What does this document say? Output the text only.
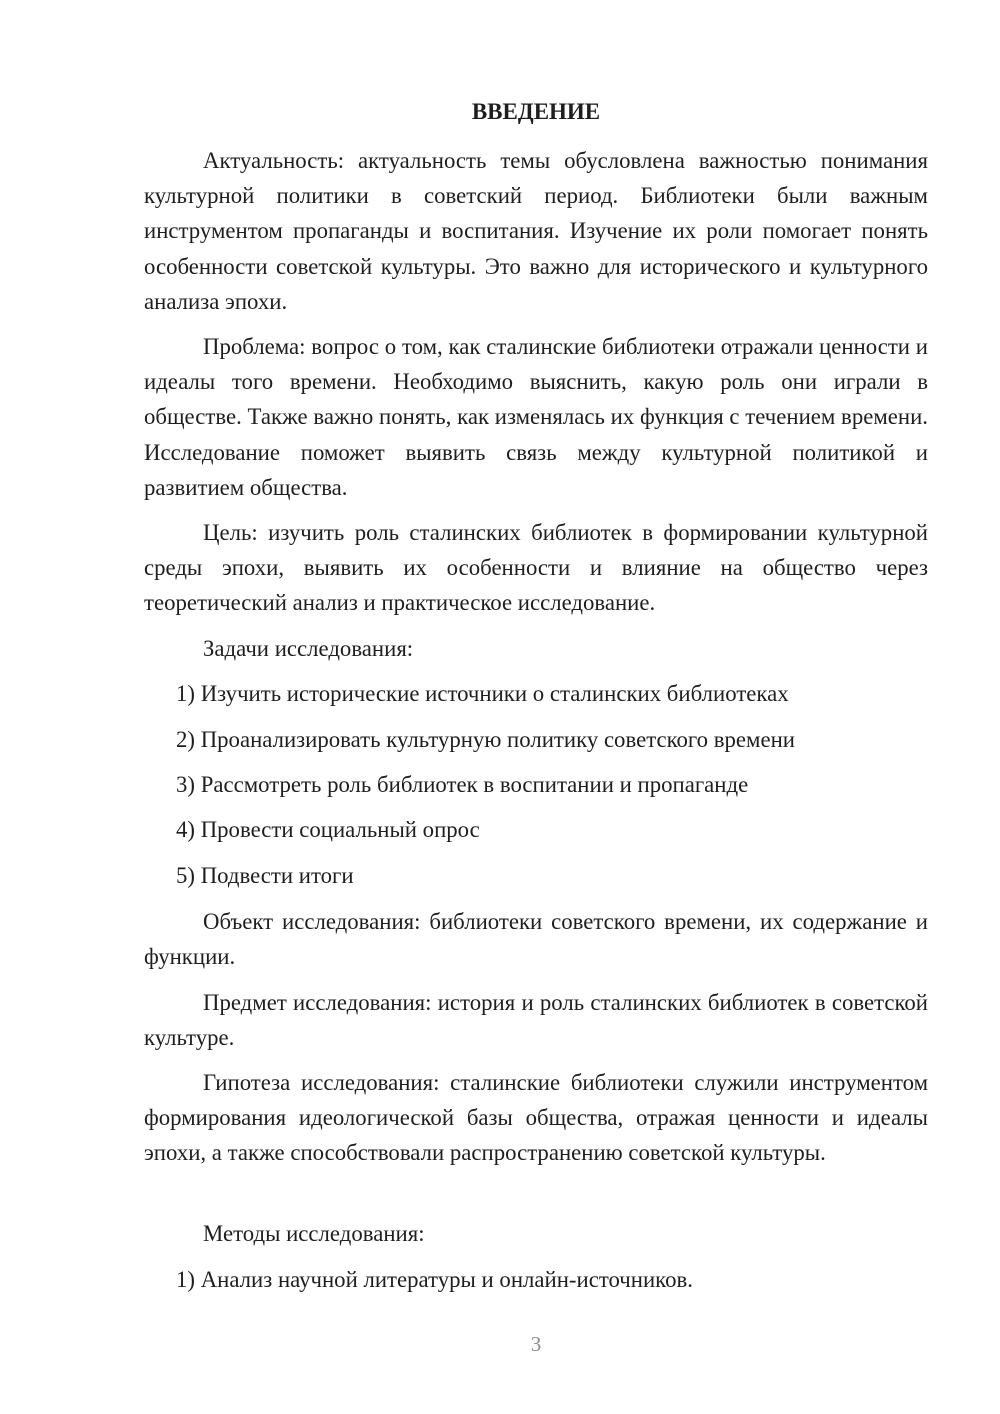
ВВЕДЕНИЕ

Актуальность: актуальность темы обусловлена важностью понимания культурной политики в советский период. Библиотеки были важным инструментом пропаганды и воспитания. Изучение их роли помогает понять особенности советской культуры. Это важно для исторического и культурного анализа эпохи.

Проблема: вопрос о том, как сталинские библиотеки отражали ценности и идеалы того времени. Необходимо выяснить, какую роль они играли в обществе. Также важно понять, как изменялась их функция с течением времени. Исследование поможет выявить связь между культурной политикой и развитием общества.

Цель: изучить роль сталинских библиотек в формировании культурной среды эпохи, выявить их особенности и влияние на общество через теоретический анализ и практическое исследование.

Задачи исследования:

1) Изучить исторические источники о сталинских библиотеках
2) Проанализировать культурную политику советского времени
3) Рассмотреть роль библиотек в воспитании и пропаганде
4) Провести социальный опрос
5) Подвести итоги

Объект исследования: библиотеки советского времени, их содержание и функции.

Предмет исследования: история и роль сталинских библиотек в советской культуре.

Гипотеза исследования: сталинские библиотеки служили инструментом формирования идеологической базы общества, отражая ценности и идеалы эпохи, а также способствовали распространению советской культуры.

Методы исследования:

1) Анализ научной литературы и онлайн-источников.
3
